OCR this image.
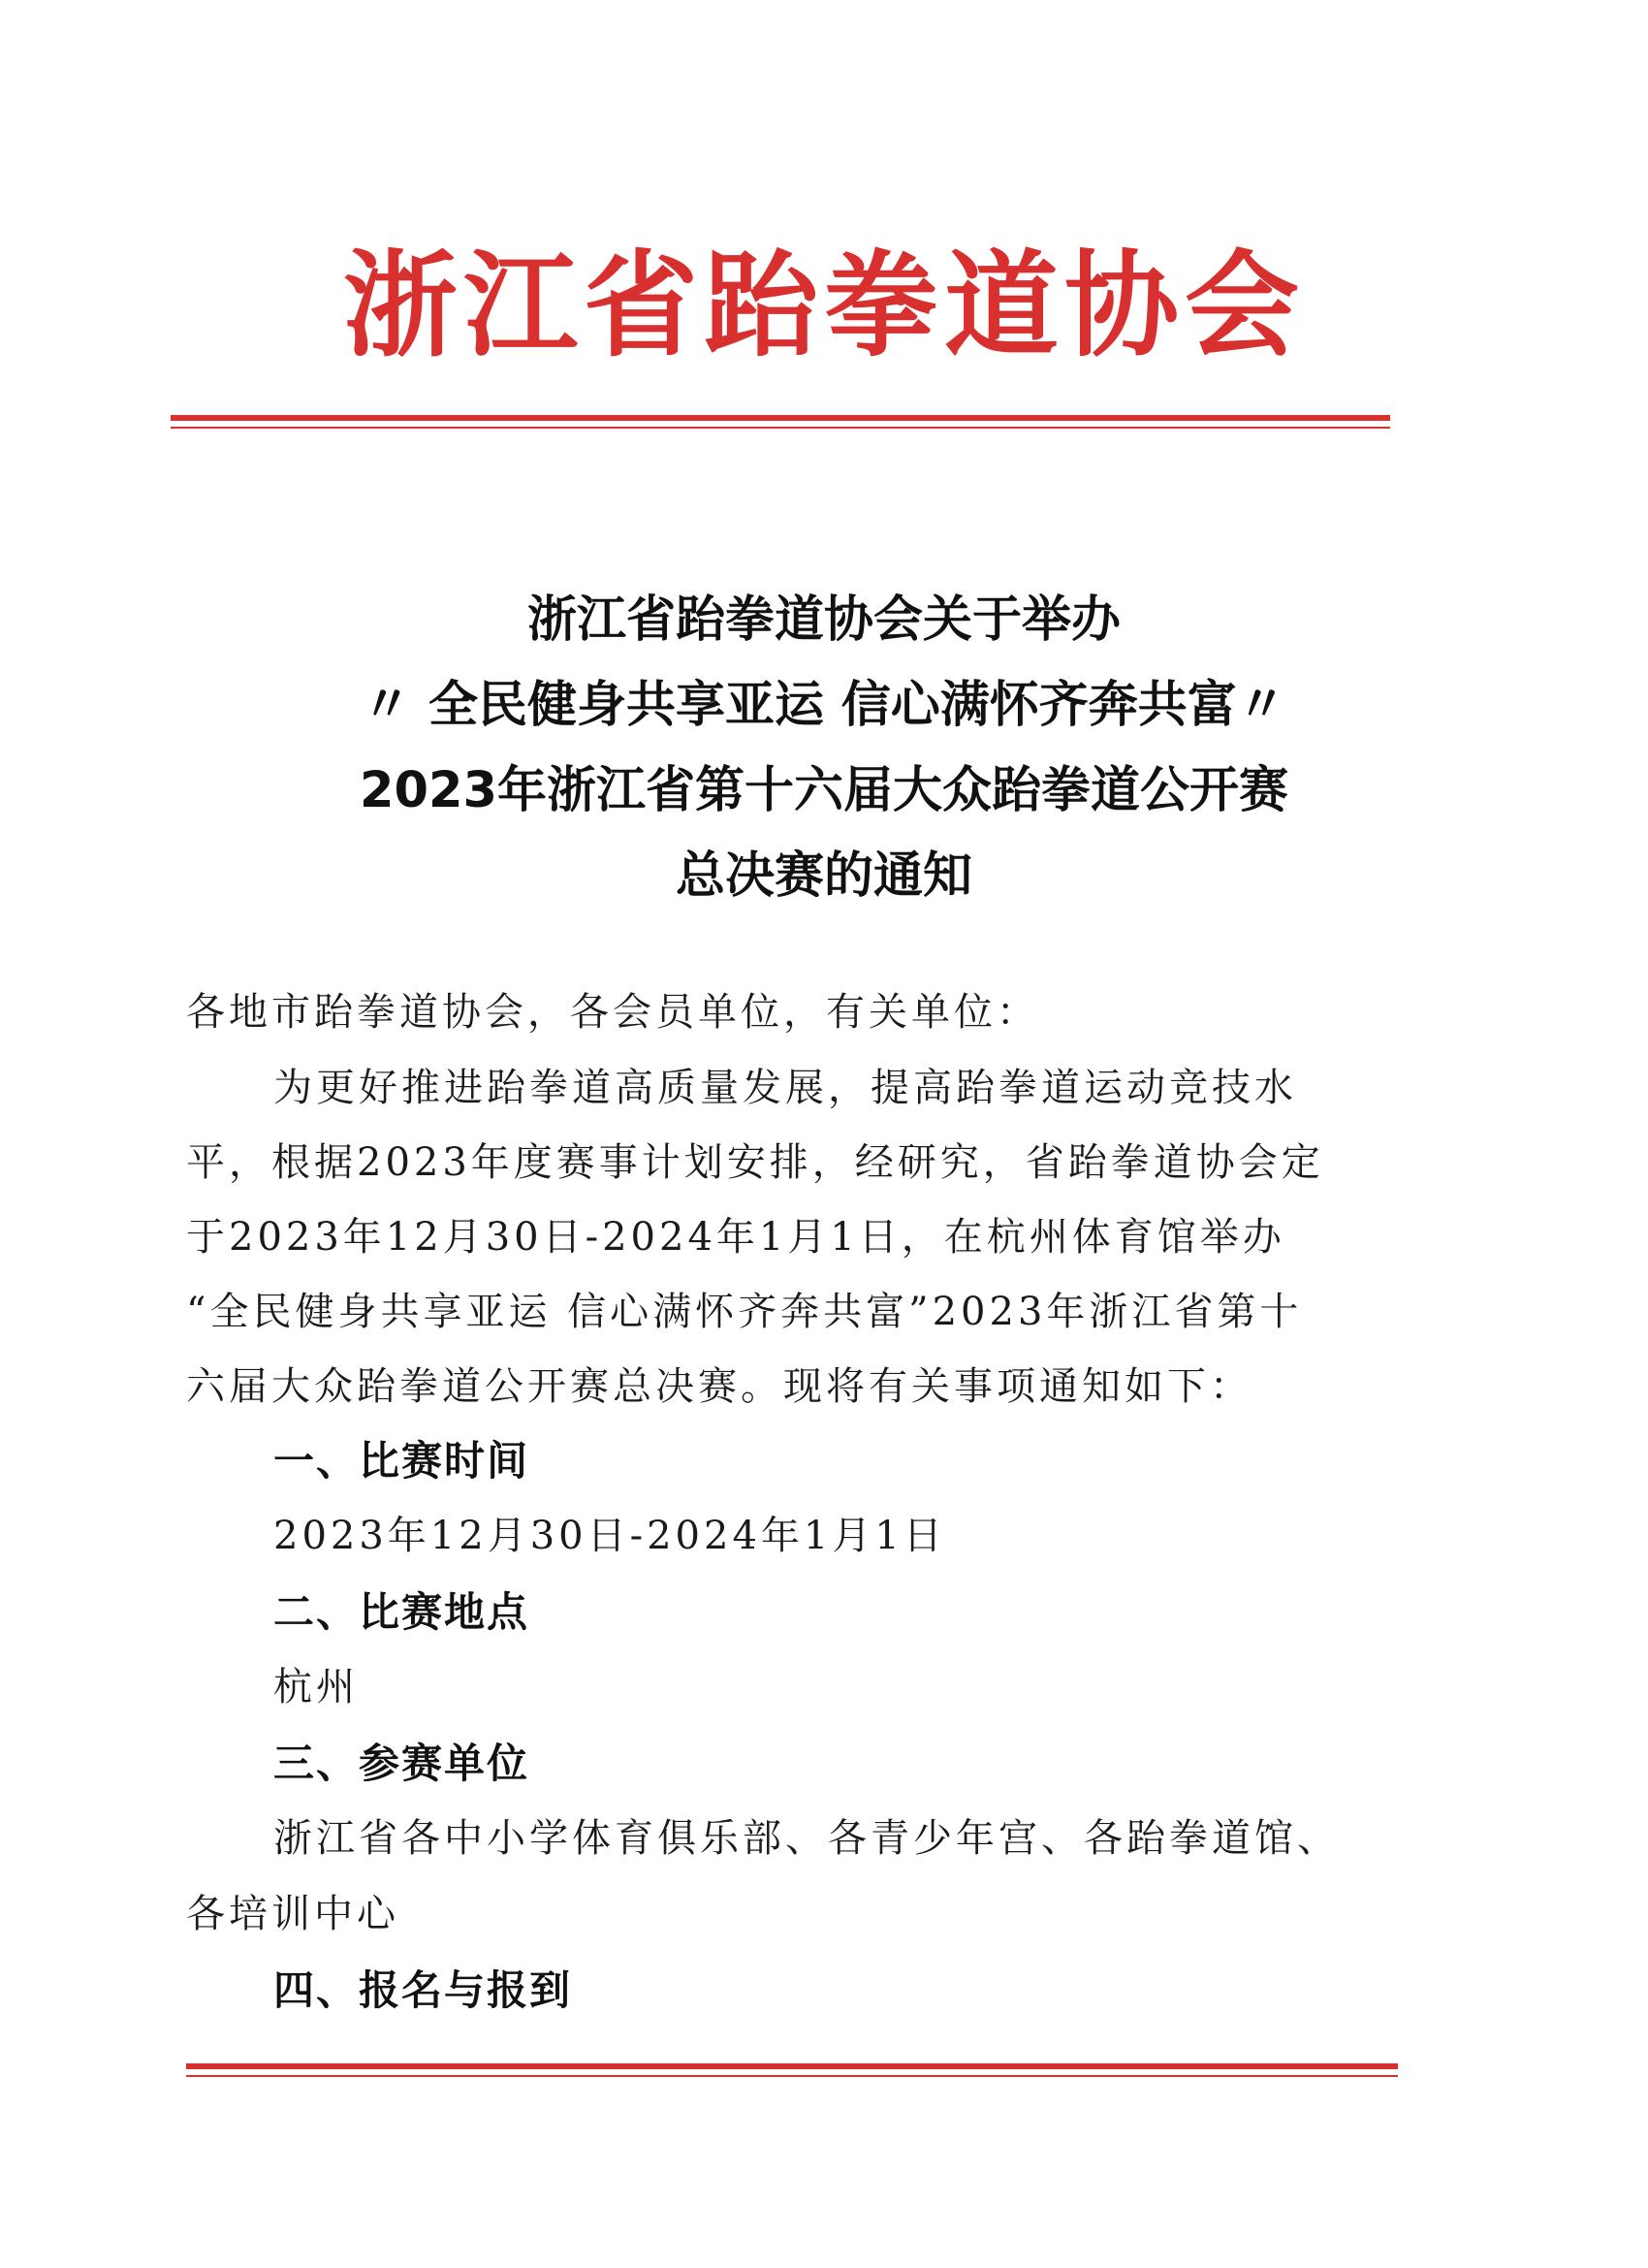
浙江省跆拳道协会
浙江省跆拳道协会关于举办
〃 全民健身共享亚运 信心满怀齐奔共富〃
2023年浙江省第十六届大众跆拳道公开赛
总决赛的通知
各地市跆拳道协会，各会员单位，有关单位：
为更好推进跆拳道高质量发展，提高跆拳道运动竞技水
平，根据2023年度赛事计划安排，经研究，省跆拳道协会定
于2023年12月30日-2024年1月1日，在杭州体育馆举办
“全民健身共享亚运 信心满怀齐奔共富”2023年浙江省第十
六届大众跆拳道公开赛总决赛。现将有关事项通知如下：
一、比赛时间
2023年12月30日-2024年1月1日
二、比赛地点
杭州
三、参赛单位
浙江省各中小学体育俱乐部、各青少年宫、各跆拳道馆、
各培训中心
四、报名与报到
